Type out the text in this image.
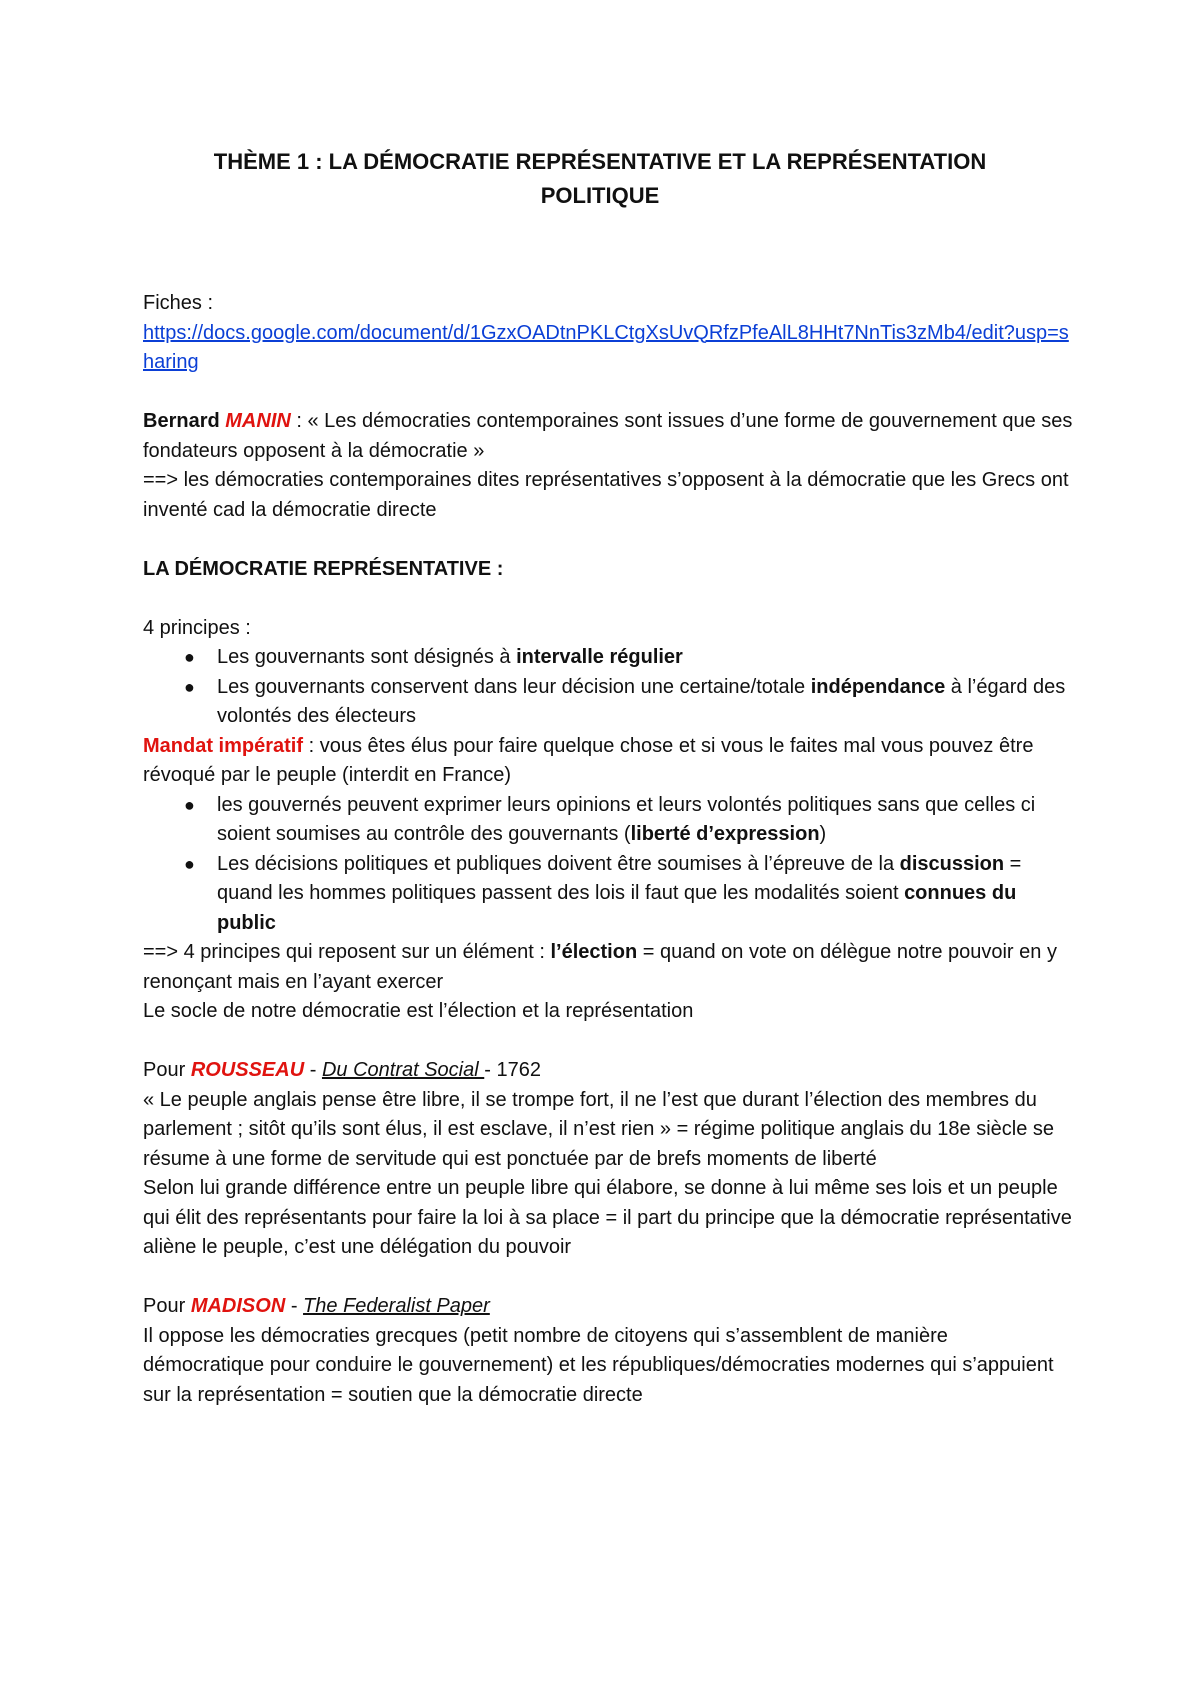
THÈME 1 : LA DÉMOCRATIE REPRÉSENTATIVE ET LA REPRÉSENTATION
POLITIQUE

Fiches :

https://docs.google.com/document/d/1GzxOADtnPKLCtgXsUvQRfzPfeAlL8HHt7NnTis3zMb4/edit?usp=sharing

Bernard MANIN : « Les démocraties contemporaines sont issues d’une forme de gouvernement que ses fondateurs opposent à la démocratie »

==> les démocraties contemporaines dites représentatives s’opposent à la démocratie que les Grecs ont inventé cad la démocratie directe

LA DÉMOCRATIE REPRÉSENTATIVE :

4 principes :

● Les gouvernants sont désignés à intervalle régulier
● Les gouvernants conservent dans leur décision une certaine/totale indépendance à l’égard des volontés des électeurs

Mandat impératif : vous êtes élus pour faire quelque chose et si vous le faites mal vous pouvez être révoqué par le peuple (interdit en France)

● les gouvernés peuvent exprimer leurs opinions et leurs volontés politiques sans que celles ci soient soumises au contrôle des gouvernants (liberté d’expression)
● Les décisions politiques et publiques doivent être soumises à l’épreuve de la discussion = quand les hommes politiques passent des lois il faut que les modalités soient connues du public

==> 4 principes qui reposent sur un élément : l’élection = quand on vote on délègue notre pouvoir en y renonçant mais en l’ayant exercer

Le socle de notre démocratie est l’élection et la représentation

Pour ROUSSEAU - Du Contrat Social - 1762

« Le peuple anglais pense être libre, il se trompe fort, il ne l’est que durant l’élection des membres du parlement ; sitôt qu’ils sont élus, il est esclave, il n’est rien » = régime politique anglais du 18e siècle se résume à une forme de servitude qui est ponctuée par de brefs moments de liberté

Selon lui grande différence entre un peuple libre qui élabore, se donne à lui même ses lois et un peuple qui élit des représentants pour faire la loi à sa place = il part du principe que la démocratie représentative aliène le peuple, c’est une délégation du pouvoir

Pour MADISON - The Federalist Paper

Il oppose les démocraties grecques (petit nombre de citoyens qui s’assemblent de manière démocratique pour conduire le gouvernement) et les républiques/démocraties modernes qui s’appuient sur la représentation = soutien que la démocratie directe
